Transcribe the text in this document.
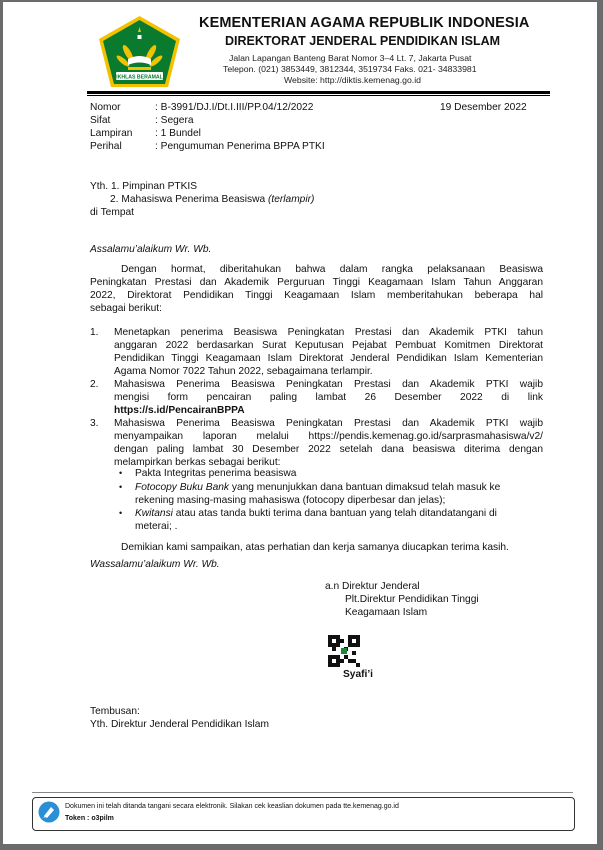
IKHLAS BERAMAL
KEMENTERIAN AGAMA REPUBLIK INDONESIA
DIREKTORAT JENDERAL PENDIDIKAN ISLAM
Jalan Lapangan Banteng Barat Nomor 3–4 Lt. 7, Jakarta Pusat
Telepon. (021) 3853449, 3812344, 3519734 Faks. 021- 34833981
Website: http://diktis.kemenag.go.id
Nomor	: B-3991/DJ.I/Dt.I.III/PP.04/12/2022	19 Desember 2022
Sifat	: Segera
Lampiran : 1 Bundel
Perihal	: Pengumuman Penerima BPPA PTKI
Yth. 1. Pimpinan PTKIS
2. Mahasiswa Penerima Beasiswa (terlampir)
di Tempat
Assalamu’alaikum Wr. Wb.
Dengan hormat, diberitahukan bahwa dalam rangka pelaksanaan Beasiswa
Peningkatan Prestasi dan Akademik Perguruan Tinggi Keagamaan Islam Tahun Anggaran
2022, Direktorat Pendidikan Tinggi Keagamaan Islam memberitahukan beberapa hal
sebagai berikut:
1. Menetapkan penerima Beasiswa Peningkatan Prestasi dan Akademik PTKI tahun
anggaran 2022 berdasarkan Surat Keputusan Pejabat Pembuat Komitmen Direktorat
Pendidikan Tinggi Keagamaan Islam Direktorat Jenderal Pendidikan Islam Kementerian
Agama Nomor 7022 Tahun 2022, sebagaimana terlampir.
2. Mahasiswa Penerima Beasiswa Peningkatan Prestasi dan Akademik PTKI wajib
mengisi form pencairan paling lambat 26 Desember 2022 di link
https://s.id/PencairanBPPA
3. Mahasiswa Penerima Beasiswa Peningkatan Prestasi dan Akademik PTKI wajib
menyampaikan laporan melalui https://pendis.kemenag.go.id/sarprasmahasiswa/v2/
dengan paling lambat 30 Desember 2022 setelah dana beasiswa diterima dengan
melampirkan berkas sebagai berikut:
• Pakta Integritas penerima beasiswa
• Fotocopy Buku Bank yang menunjukkan dana bantuan dimaksud telah masuk ke
rekening masing-masing mahasiswa (fotocopy diperbesar dan jelas);
• Kwitansi atau atas tanda bukti terima dana bantuan yang telah ditandatangani di
meterai; .
Demikian kami sampaikan, atas perhatian dan kerja samanya diucapkan terima kasih.
Wassalamu’alaikum Wr. Wb.
a.n Direktur Jenderal
Plt.Direktur Pendidikan Tinggi
Keagamaan Islam
Syafi’i
Tembusan:
Yth. Direktur Jenderal Pendidikan Islam
Dokumen ini telah ditanda tangani secara elektronik. Silakan cek keaslian dokumen pada tte.kemenag.go.id
Token : o3pilm
